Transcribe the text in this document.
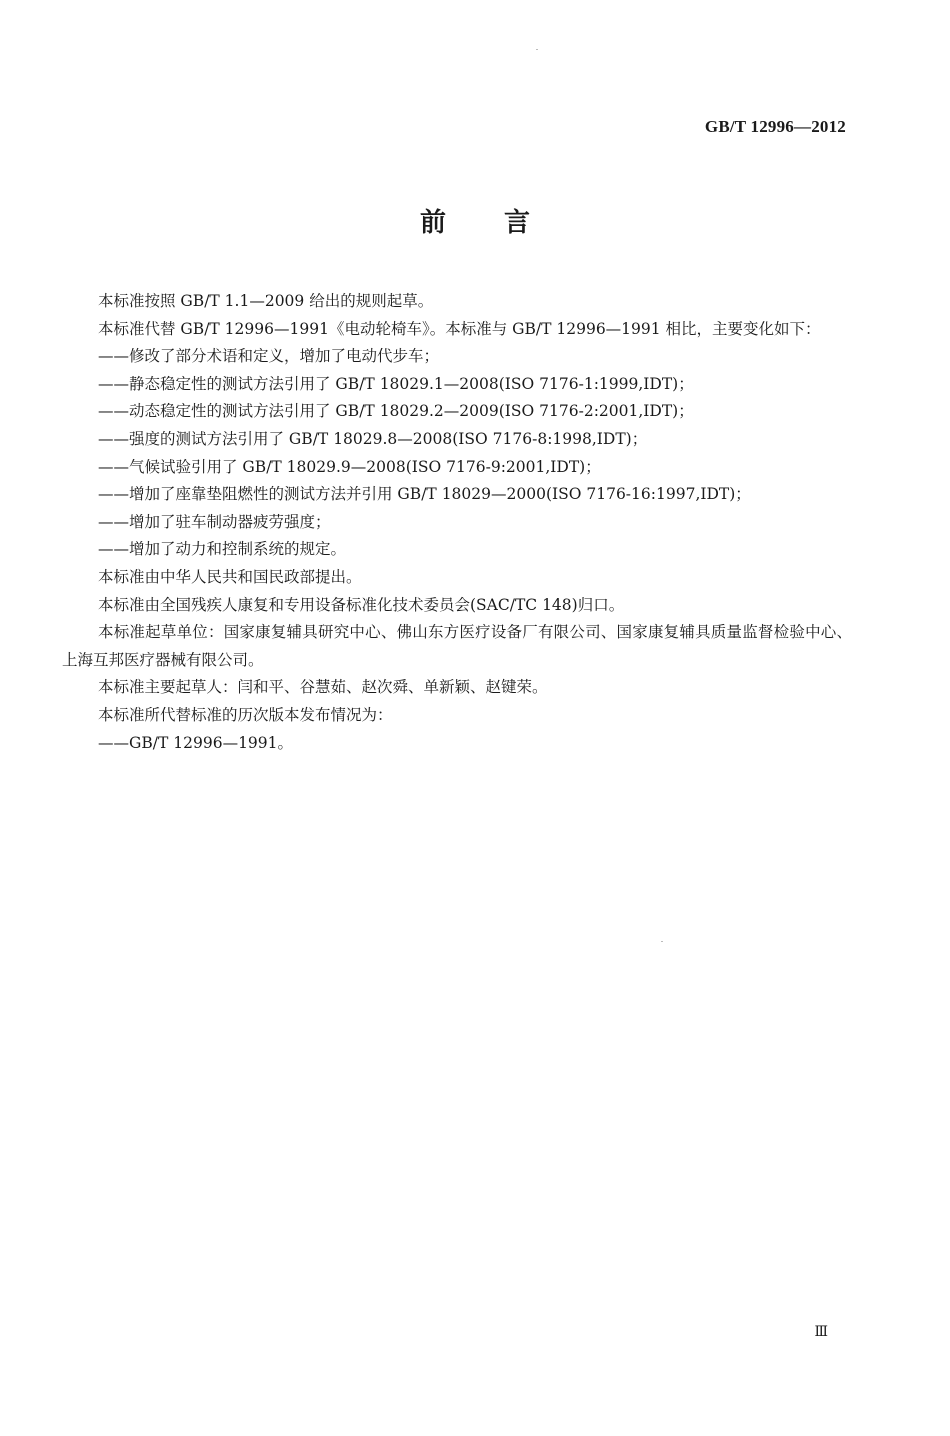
GB/T 12996—2012
前言

本标准按照 GB/T 1.1—2009 给出的规则起草。

本标准代替 GB/T 12996—1991《电动轮椅车》。本标准与 GB/T 12996—1991 相比，主要变化如下：

——修改了部分术语和定义，增加了电动代步车；

——静态稳定性的测试方法引用了 GB/T 18029.1—2008(ISO 7176-1:1999,IDT)；

——动态稳定性的测试方法引用了 GB/T 18029.2—2009(ISO 7176-2:2001,IDT)；

——强度的测试方法引用了 GB/T 18029.8—2008(ISO 7176-8:1998,IDT)；

——气候试验引用了 GB/T 18029.9—2008(ISO 7176-9:2001,IDT)；

——增加了座靠垫阻燃性的测试方法并引用 GB/T 18029—2000(ISO 7176-16:1997,IDT)；

——增加了驻车制动器疲劳强度；

——增加了动力和控制系统的规定。

本标准由中华人民共和国民政部提出。

本标准由全国残疾人康复和专用设备标准化技术委员会(SAC/TC 148)归口。

本标准起草单位：国家康复辅具研究中心、佛山东方医疗设备厂有限公司、国家康复辅具质量监督检验中心、上海互邦医疗器械有限公司。

本标准主要起草人：闫和平、谷慧茹、赵次舜、单新颖、赵键荣。

本标准所代替标准的历次版本发布情况为：

——GB/T 12996—1991。

Ⅲ
